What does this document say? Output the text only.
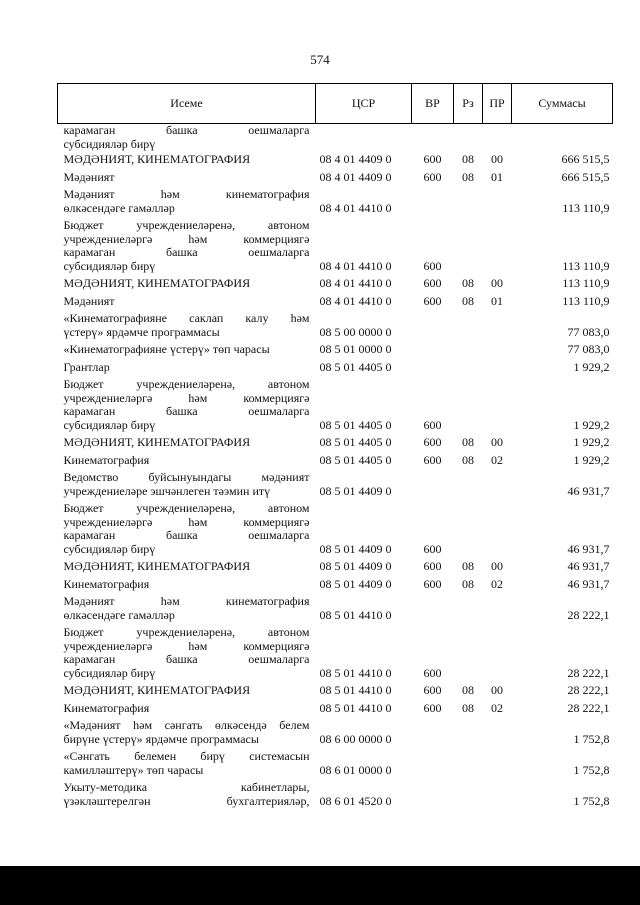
574
Исеме	ЦСР	ВР	Рз	ПР	Суммасы

карамаган башка оешмаларга
субсидияләр бирү					

МӘДӘНИЯТ, КИНЕМАТОГРАФИЯ	08 4 01 4409 0	600	08	00	666 515,5

Мәдәният	08 4 01 4409 0	600	08	01	666 515,5

Мәдәният һәм кинематография
өлкәсендәге гамәлләр	08 4 01 4410 0				113 110,9

Бюджет учреждениеләренә, автоном
учреждениеләргә һәм коммерциягә
карамаган башка оешмаларга
субсидияләр бирү	08 4 01 4410 0	600			113 110,9

МӘДӘНИЯТ, КИНЕМАТОГРАФИЯ	08 4 01 4410 0	600	08	00	113 110,9

Мәдәният	08 4 01 4410 0	600	08	01	113 110,9

«Кинематографияне саклап калу һәм
үстерү» ярдәмче программасы	08 5 00 0000 0				77 083,0

«Кинематографияне үстерү» төп чарасы	08 5 01 0000 0				77 083,0

Грантлар	08 5 01 4405 0				1 929,2

Бюджет учреждениеләренә, автоном
учреждениеләргә һәм коммерциягә
карамаган башка оешмаларга
субсидияләр бирү	08 5 01 4405 0	600			1 929,2

МӘДӘНИЯТ, КИНЕМАТОГРАФИЯ	08 5 01 4405 0	600	08	00	1 929,2

Кинематография	08 5 01 4405 0	600	08	02	1 929,2

Ведомство буйсынуындагы мәдәният
учреждениеләре эшчәнлеген тәэмин итү	08 5 01 4409 0				46 931,7

Бюджет учреждениеләренә, автоном
учреждениеләргә һәм коммерциягә
карамаган башка оешмаларга
субсидияләр бирү	08 5 01 4409 0	600			46 931,7

МӘДӘНИЯТ, КИНЕМАТОГРАФИЯ	08 5 01 4409 0	600	08	00	46 931,7

Кинематография	08 5 01 4409 0	600	08	02	46 931,7

Мәдәният һәм кинематография
өлкәсендәге гамәлләр	08 5 01 4410 0				28 222,1

Бюджет учреждениеләренә, автоном
учреждениеләргә һәм коммерциягә
карамаган башка оешмаларга
субсидияләр бирү	08 5 01 4410 0	600			28 222,1

МӘДӘНИЯТ, КИНЕМАТОГРАФИЯ	08 5 01 4410 0	600	08	00	28 222,1

Кинематография	08 5 01 4410 0	600	08	02	28 222,1

«Мәдәният һәм сәнгать өлкәсендә белем
бирүне үстерү» ярдәмче программасы	08 6 00 0000 0				1 752,8

«Сәнгать белемен бирү системасын
камилләштерү» төп чарасы	08 6 01 0000 0				1 752,8

Укыту-методика кабинетлары,
үзәкләштерелгән бухгалтерияләр,	08 6 01 4520 0				1 752,8
